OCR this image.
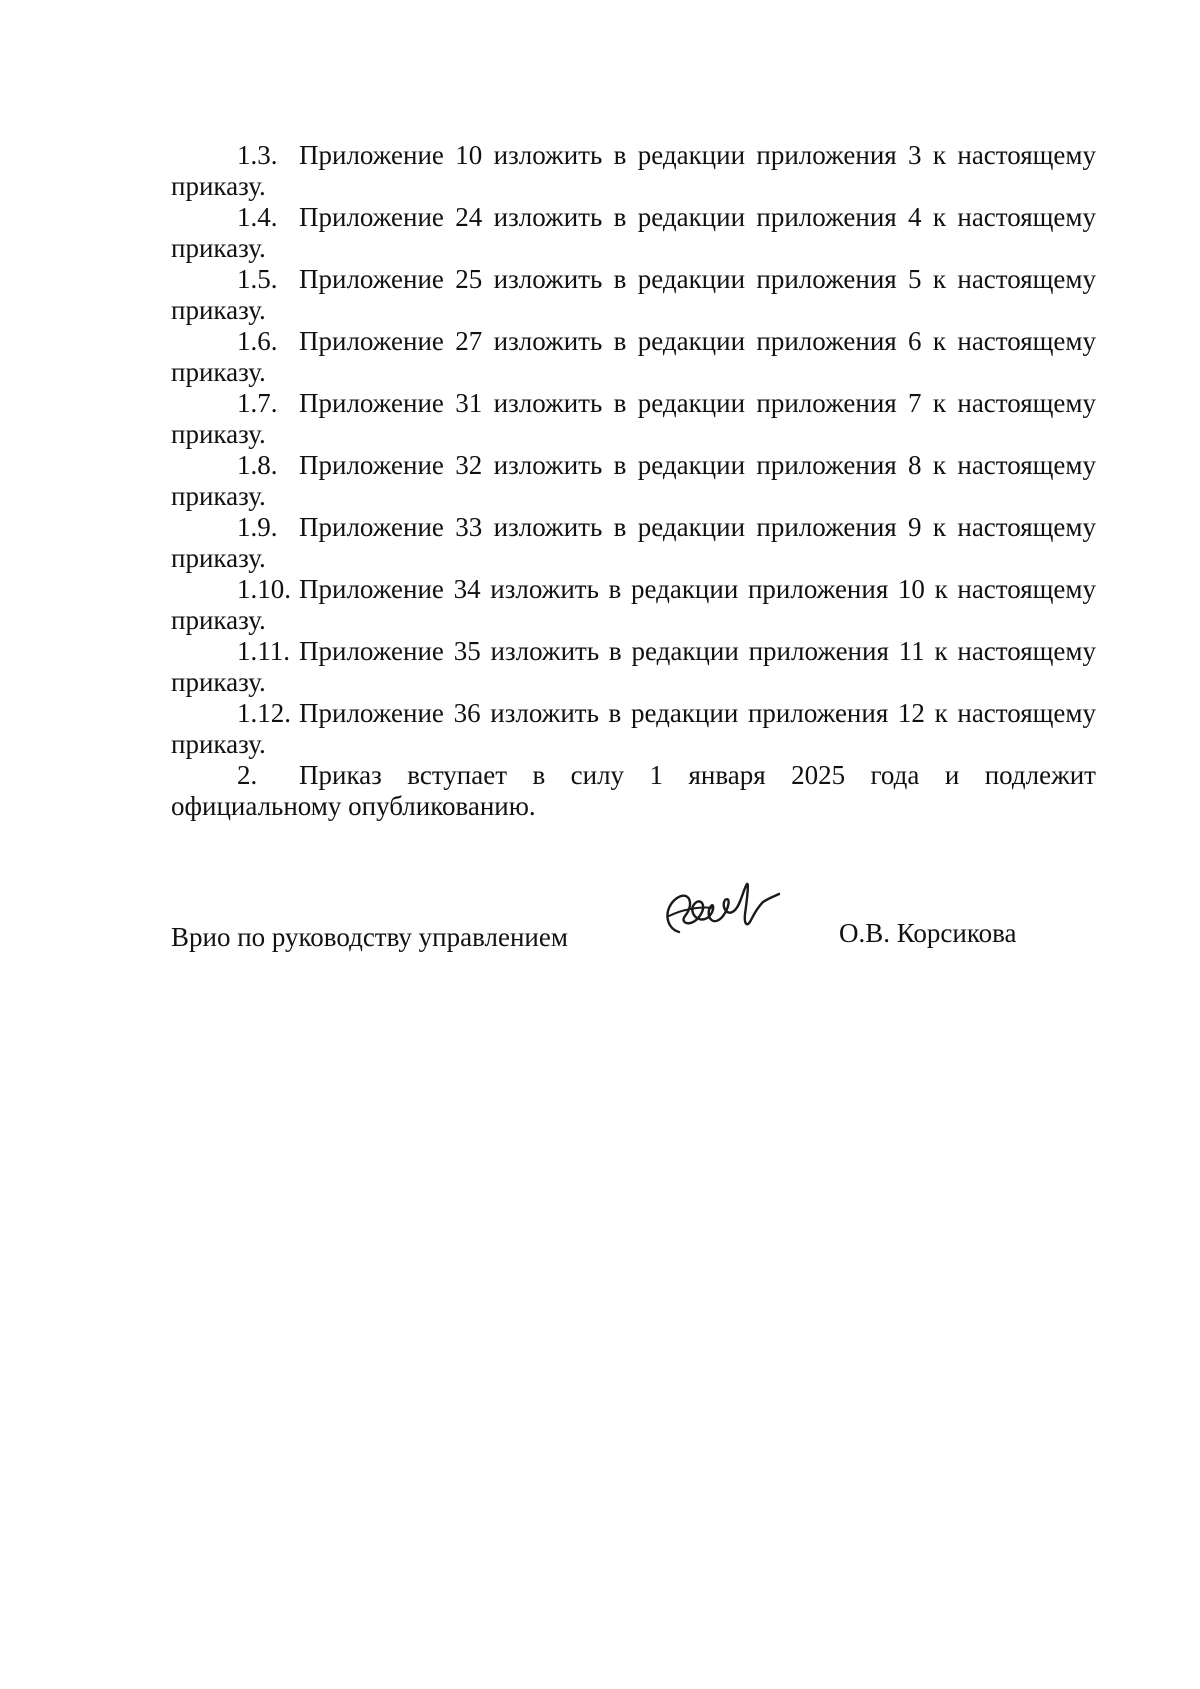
1.3. Приложение 10 изложить в редакции приложения 3 к настоящему
приказу.
1.4. Приложение 24 изложить в редакции приложения 4 к настоящему
приказу.
1.5. Приложение 25 изложить в редакции приложения 5 к настоящему
приказу.
1.6. Приложение 27 изложить в редакции приложения 6 к настоящему
приказу.
1.7. Приложение 31 изложить в редакции приложения 7 к настоящему
приказу.
1.8. Приложение 32 изложить в редакции приложения 8 к настоящему
приказу.
1.9. Приложение 33 изложить в редакции приложения 9 к настоящему
приказу.
1.10. Приложение 34 изложить в редакции приложения 10 к настоящему
приказу.
1.11. Приложение 35 изложить в редакции приложения 11 к настоящему
приказу.
1.12. Приложение 36 изложить в редакции приложения 12 к настоящему
приказу.
2.	Приказ вступает в силу 1 января 2025 года и подлежит
официальному опубликованию.
Врио по руководству управлением	О.В. Корсикова
